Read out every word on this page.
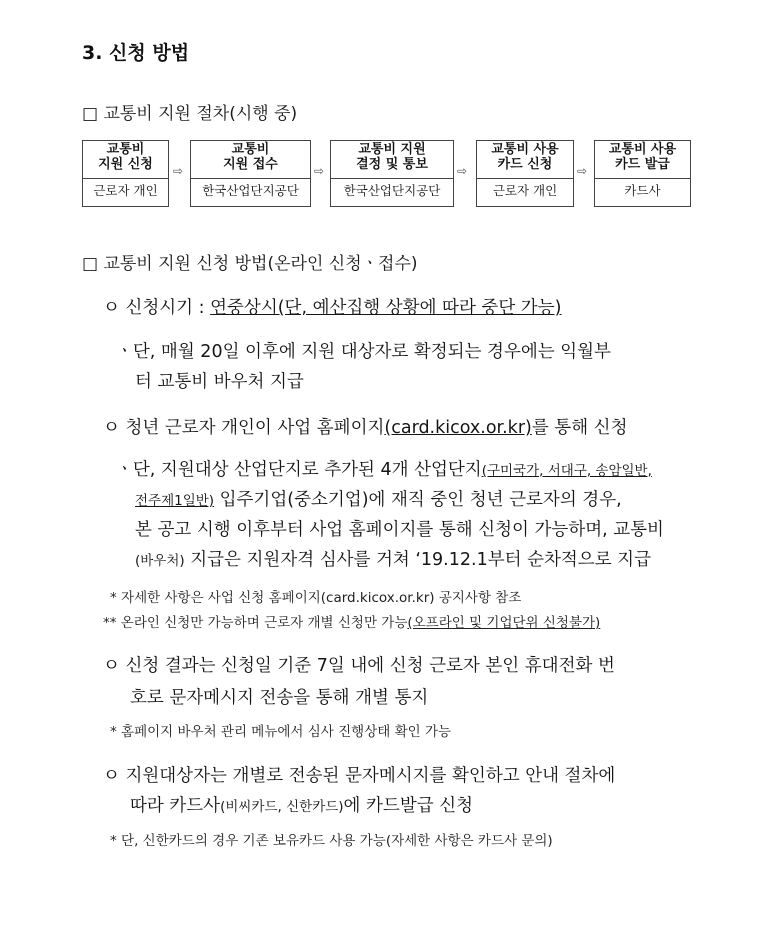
3. 신청 방법
□ 교통비 지원 절차(시행 중)
교통비
지원 신청
근로자 개인
⇨
교통비
지원 접수
한국산업단지공단
⇨
교통비 지원
결정 및 통보
한국산업단지공단
⇨
교통비 사용
카드 신청
근로자 개인
⇨
교통비 사용
카드 발급
카드사
□ 교통비 지원 신청 방법(온라인 신청ㆍ접수)
ㅇ 신청시기 : 연중상시(단, 예산집행 상황에 따라 중단 가능)
ㆍ단, 매월 20일 이후에 지원 대상자로 확정되는 경우에는 익월부
터 교통비 바우처 지급
ㅇ 청년 근로자 개인이 사업 홈페이지(card.kicox.or.kr)를 통해 신청
ㆍ단, 지원대상 산업단지로 추가된 4개 산업단지(구미국가, 서대구, 송암일반,
전주제1일반) 입주기업(중소기업)에 재직 중인 청년 근로자의 경우,
본 공고 시행 이후부터 사업 홈페이지를 통해 신청이 가능하며, 교통비
(바우처) 지급은 지원자격 심사를 거쳐 ‘19.12.1부터 순차적으로 지급
* 자세한 사항은 사업 신청 홈페이지(card.kicox.or.kr) 공지사항 참조
** 온라인 신청만 가능하며 근로자 개별 신청만 가능(오프라인 및 기업단위 신청불가)
ㅇ 신청 결과는 신청일 기준 7일 내에 신청 근로자 본인 휴대전화 번
호로 문자메시지 전송을 통해 개별 통지
* 홈페이지 바우처 관리 메뉴에서 심사 진행상태 확인 가능
ㅇ 지원대상자는 개별로 전송된 문자메시지를 확인하고 안내 절차에
따라 카드사(비씨카드, 신한카드)에 카드발급 신청
* 단, 신한카드의 경우 기존 보유카드 사용 가능(자세한 사항은 카드사 문의)
